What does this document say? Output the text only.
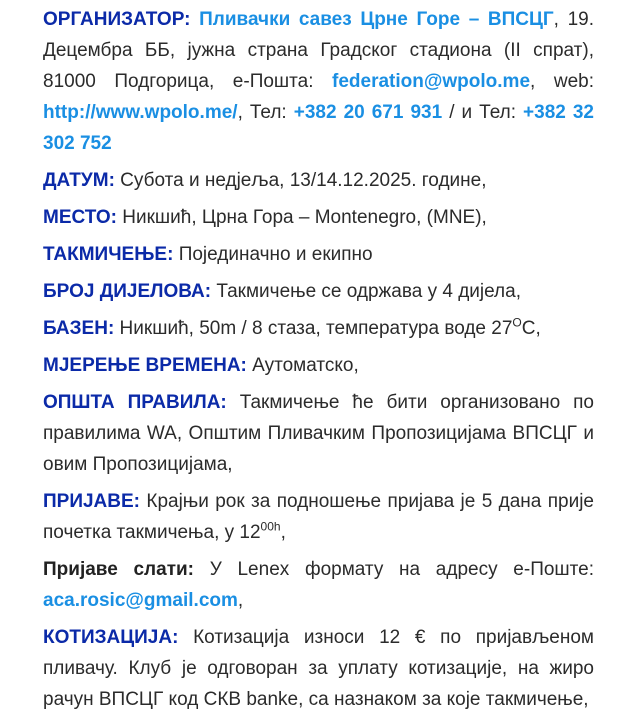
ОРГАНИЗАТОР: Пливачки савез Црне Горе – ВПСЦГ, 19. Децембра ББ, јужна страна Градског стадиона (II спрат), 81000 Подгорица, е-Пошта: federation@wpolo.me, web: http://www.wpolo.me/, Тел: +382 20 671 931 / и Тел: +382 32 302 752

ДАТУМ: Субота и недјеља, 13/14.12.2025. године,

МЕСТО: Никшић, Црна Гора – Montenegro, (MNE),

ТАКМИЧЕЊЕ: Појединачно и екипно

БРОЈ ДИЈЕЛОВА: Такмичење се одржава у 4 дијела,

БАЗЕН: Никшић, 50m / 8 стаза, температура воде $27^OC$,

МЈЕРЕЊЕ ВРЕМЕНА: Аутоматско,

ОПШТА ПРАВИЛА: Такмичење ће бити организовано по правилима WA, Општим Пливачким Пропозицијама ВПСЦГ и овим Пропозицијама,

ПРИЈАВЕ: Крајњи рок за подношење пријава је 5 дана прије почетка такмичења, у $12^{00h}$,

Пријаве слати: У Lenex формату на адресу е-Поште: aca.rosic@gmail.com,

КОТИЗАЦИЈА: Котизација износи 12 € по пријављеном пливачу. Клуб је одговоран за уплату котизације, на жиро рачун ВПСЦГ код СКВ banke, са назнаком за које такмичење,
